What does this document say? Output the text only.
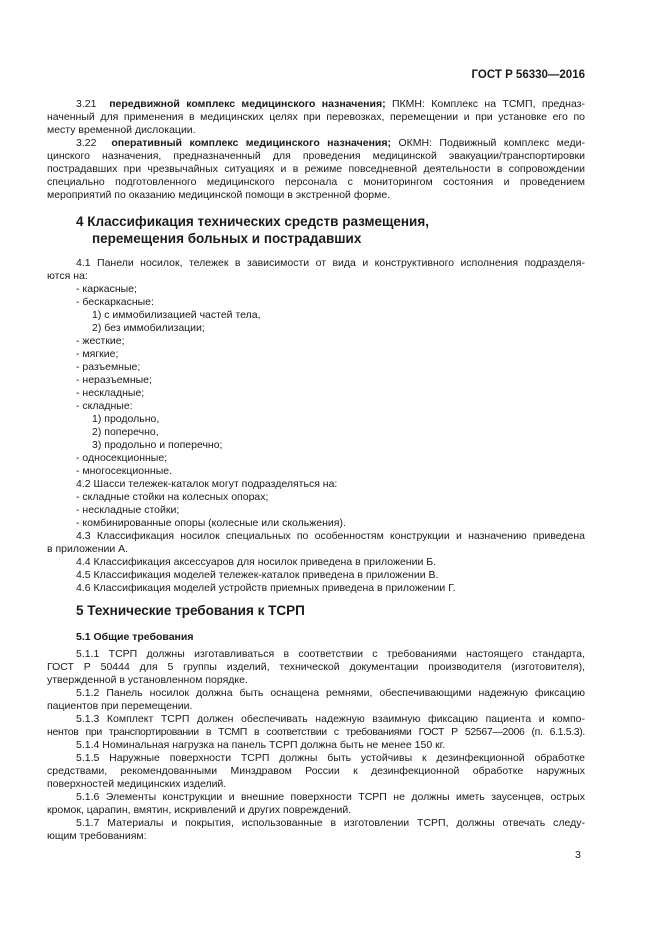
ГОСТ Р 56330—2016
3.21 передвижной комплекс медицинского назначения; ПКМН: Комплекс на ТСМП, предназ-
наченный для применения в медицинских целях при перевозках, перемещении и при установке его по
месту временной дислокации.
3.22 оперативный комплекс медицинского назначения; ОКМН: Подвижный комплекс меди-
цинского назначения, предназначенный для проведения медицинской эвакуации/транспортировки
пострадавших при чрезвычайных ситуациях и в режиме повседневной деятельности в сопровождении
специально подготовленного медицинского персонала с мониторингом состояния и проведением
мероприятий по оказанию медицинской помощи в экстренной форме.
4 Классификация технических средств размещения,
перемещения больных и пострадавших
4.1 Панели носилок, тележек в зависимости от вида и конструктивного исполнения подразделя-
ются на:
- каркасные;
- бескаркасные:
1) с иммобилизацией частей тела,
2) без иммобилизации;
- жесткие;
- мягкие;
- разъемные;
- неразъемные;
- нескладные;
- складные:
1) продольно,
2) поперечно,
3) продольно и поперечно;
- односекционные;
- многосекционные.
4.2 Шасси тележек-каталок могут подразделяться на:
- складные стойки на колесных опорах;
- нескладные стойки;
- комбинированные опоры (колесные или скольжения).
4.3 Классификация носилок специальных по особенностям конструкции и назначению приведена
в приложении А.
4.4 Классификация аксессуаров для носилок приведена в приложении Б.
4.5 Классификация моделей тележек-каталок приведена в приложении В.
4.6 Классификация моделей устройств приемных приведена в приложении Г.
5 Технические требования к ТСРП
5.1 Общие требования
5.1.1 ТСРП должны изготавливаться в соответствии с требованиями настоящего стандарта,
ГОСТ Р 50444 для 5 группы изделий, технической документации производителя (изготовителя),
утвержденной в установленном порядке.
5.1.2 Панель носилок должна быть оснащена ремнями, обеспечивающими надежную фиксацию
пациентов при перемещении.
5.1.3 Комплект ТСРП должен обеспечивать надежную взаимную фиксацию пациента и компо-
нентов при транспортировании в ТСМП в соответствии с требованиями ГОСТ Р 52567—2006 (п. 6.1.5.3).
5.1.4 Номинальная нагрузка на панель ТСРП должна быть не менее 150 кг.
5.1.5 Наружные поверхности ТСРП должны быть устойчивы к дезинфекционной обработке
средствами, рекомендованными Минздравом России к дезинфекционной обработке наружных
поверхностей медицинских изделий.
5.1.6 Элементы конструкции и внешние поверхности ТСРП не должны иметь заусенцев, острых
кромок, царапин, вмятин, искривлений и других повреждений.
5.1.7 Материалы и покрытия, использованные в изготовлении ТСРП, должны отвечать следу-
ющим требованиям:
3
